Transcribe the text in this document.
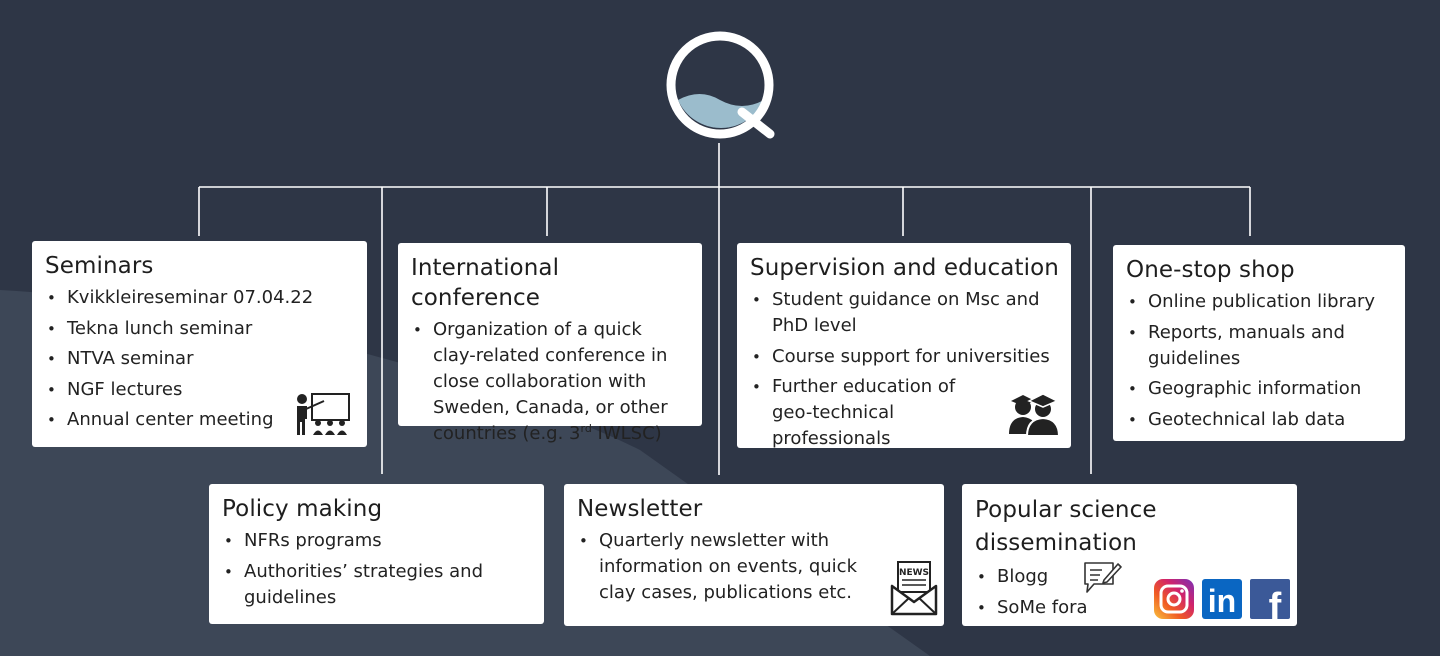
Seminars
• Kvikkleireseminar 07.04.22
• Tekna lunch seminar
• NTVA seminar
• NGF lectures
• Annual center meeting
International conference
• Organization of a quick clay-related conference in close collaboration with Sweden, Canada, or other countries (e.g. 3rd IWLSC)
Supervision and education
• Student guidance on Msc and PhD level
• Course support for universities
• Further education of geo-technical professionals
One-stop shop
• Online publication library
• Reports, manuals and guidelines
• Geographic information
• Geotechnical lab data
Policy making
• NFRs programs
• Authorities’ strategies and guidelines
Newsletter
• Quarterly newsletter with information on events, quick clay cases, publications etc.
NEWS
Popular science dissemination
• Blogg
• SoMe fora	in f
